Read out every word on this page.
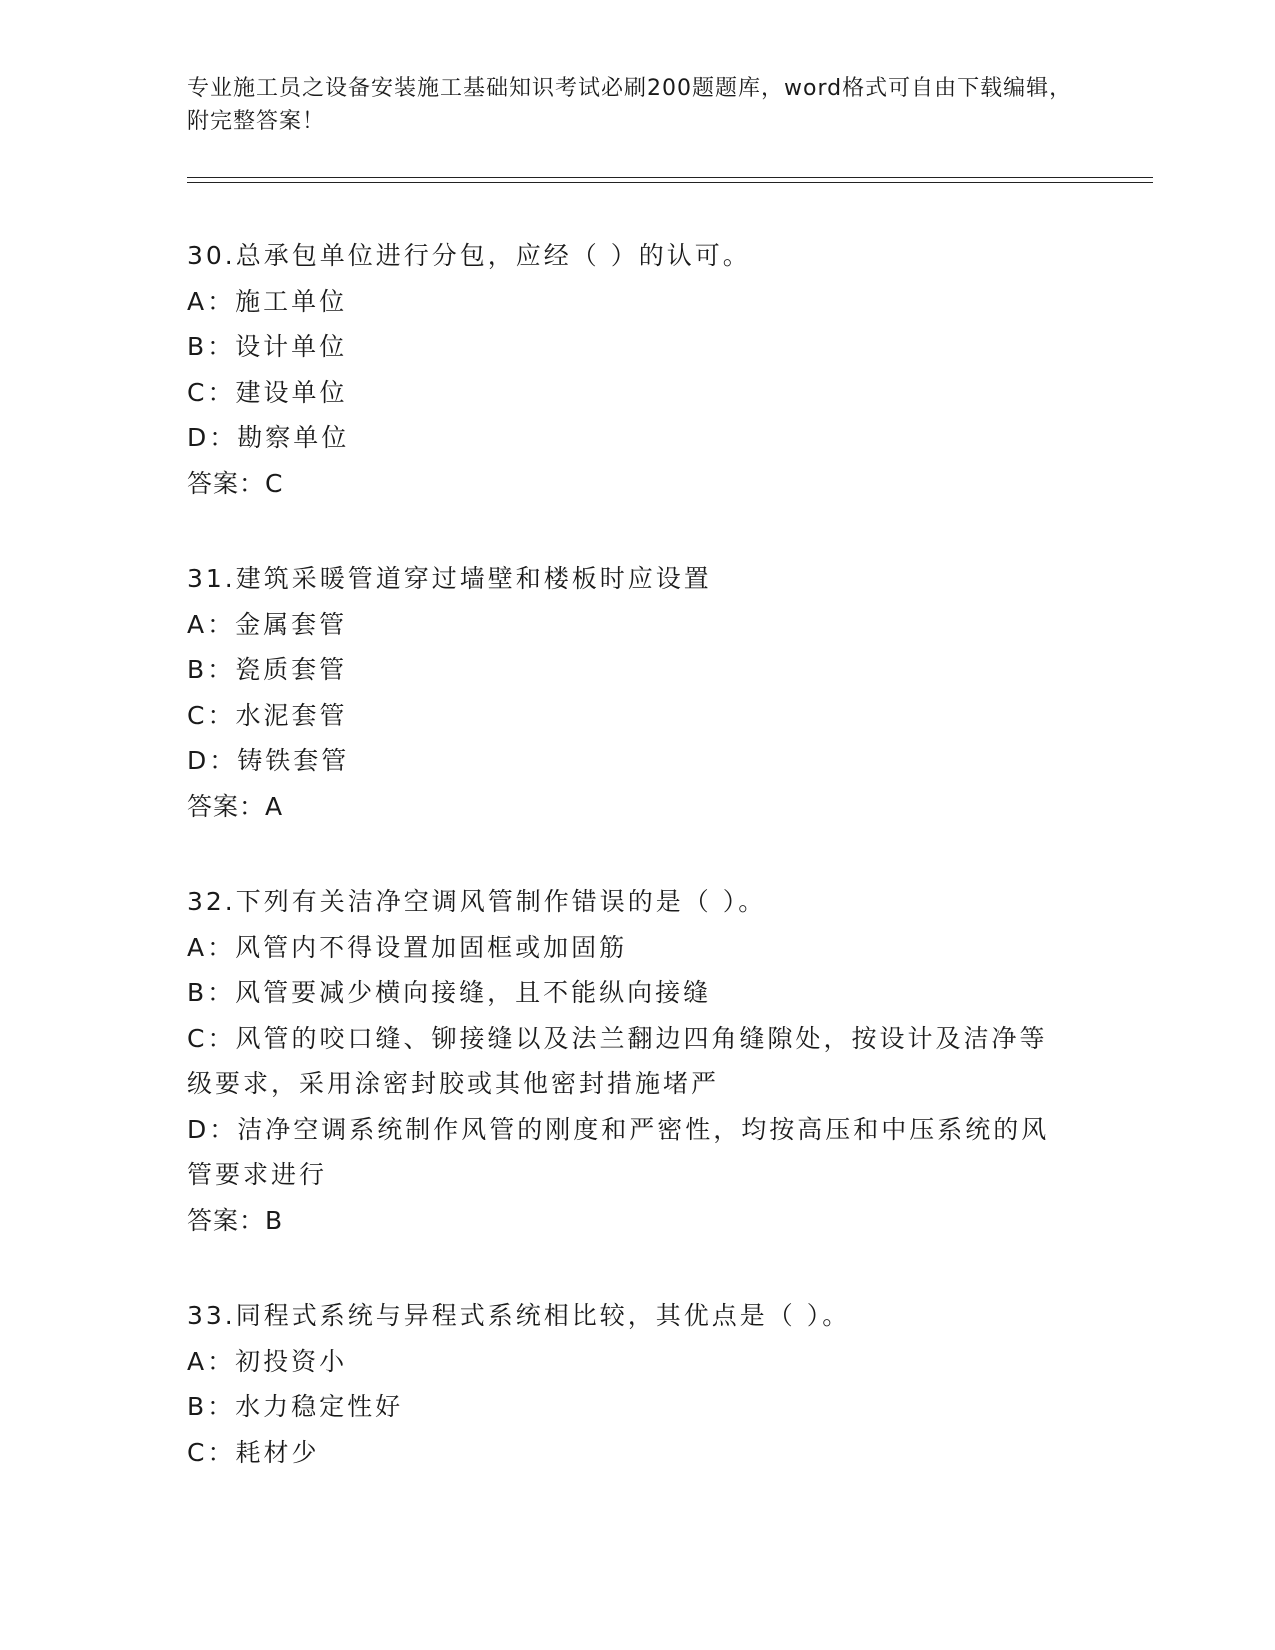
专业施工员之设备安装施工基础知识考试必刷200题题库，word格式可自由下载编辑，附完整答案！
30.总承包单位进行分包，应经（ ）的认可。
A： 施工单位
B： 设计单位
C： 建设单位
D： 勘察单位
答案：C
31.建筑采暖管道穿过墙壁和楼板时应设置
A： 金属套管
B： 瓷质套管
C： 水泥套管
D： 铸铁套管
答案：A
32.下列有关洁净空调风管制作错误的是（ ）。
A： 风管内不得设置加固框或加固筋
B： 风管要减少横向接缝，且不能纵向接缝
C：风管的咬口缝、铆接缝以及法兰翻边四角缝隙处，按设计及洁净等级要求，采用涂密封胶或其他密封措施堵严
D：洁净空调系统制作风管的刚度和严密性，均按高压和中压系统的风管要求进行
答案：B
33.同程式系统与异程式系统相比较，其优点是（ ）。
A： 初投资小
B： 水力稳定性好
C： 耗材少
